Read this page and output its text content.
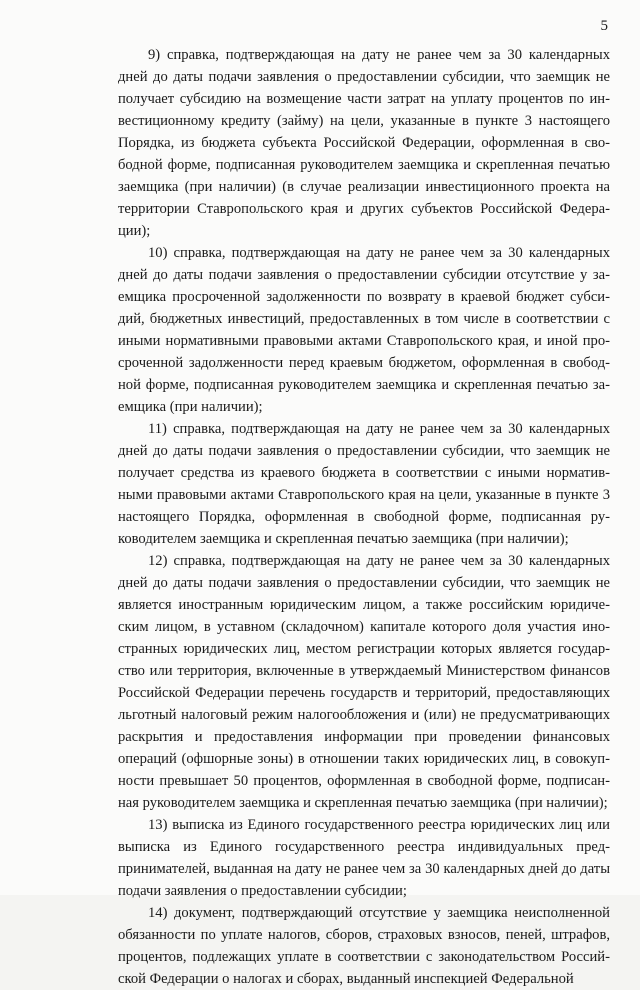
5

9) справка, подтверждающая на дату не ранее чем за 30 календарных дней до даты подачи заявления о предоставлении субсидии, что заемщик не получает субсидию на возмещение части затрат на уплату процентов по инвестиционному кредиту (займу) на цели, указанные в пункте 3 настоящего Порядка, из бюджета субъекта Российской Федерации, оформленная в свободной форме, подписанная руководителем заемщика и скрепленная печатью заемщика (при наличии) (в случае реализации инвестиционного проекта на территории Ставропольского края и других субъектов Российской Федерации);

10) справка, подтверждающая на дату не ранее чем за 30 календарных дней до даты подачи заявления о предоставлении субсидии отсутствие у заемщика просроченной задолженности по возврату в краевой бюджет субсидий, бюджетных инвестиций, предоставленных в том числе в соответствии с иными нормативными правовыми актами Ставропольского края, и иной просроченной задолженности перед краевым бюджетом, оформленная в свободной форме, подписанная руководителем заемщика и скрепленная печатью заемщика (при наличии);

11) справка, подтверждающая на дату не ранее чем за 30 календарных дней до даты подачи заявления о предоставлении субсидии, что заемщик не получает средства из краевого бюджета в соответствии с иными нормативными правовыми актами Ставропольского края на цели, указанные в пункте 3 настоящего Порядка, оформленная в свободной форме, подписанная руководителем заемщика и скрепленная печатью заемщика (при наличии);

12) справка, подтверждающая на дату не ранее чем за 30 календарных дней до даты подачи заявления о предоставлении субсидии, что заемщик не является иностранным юридическим лицом, а также российским юридическим лицом, в уставном (складочном) капитале которого доля участия иностранных юридических лиц, местом регистрации которых является государство или территория, включенные в утверждаемый Министерством финансов Российской Федерации перечень государств и территорий, предоставляющих льготный налоговый режим налогообложения и (или) не предусматривающих раскрытия и предоставления информации при проведении финансовых операций (офшорные зоны) в отношении таких юридических лиц, в совокупности превышает 50 процентов, оформленная в свободной форме, подписанная руководителем заемщика и скрепленная печатью заемщика (при наличии);

13) выписка из Единого государственного реестра юридических лиц или выписка из Единого государственного реестра индивидуальных предпринимателей, выданная на дату не ранее чем за 30 календарных дней до даты подачи заявления о предоставлении субсидии;

14) документ, подтверждающий отсутствие у заемщика неисполненной обязанности по уплате налогов, сборов, страховых взносов, пеней, штрафов, процентов, подлежащих уплате в соответствии с законодательством Российской Федерации о налогах и сборах, выданный инспекцией Федеральной
